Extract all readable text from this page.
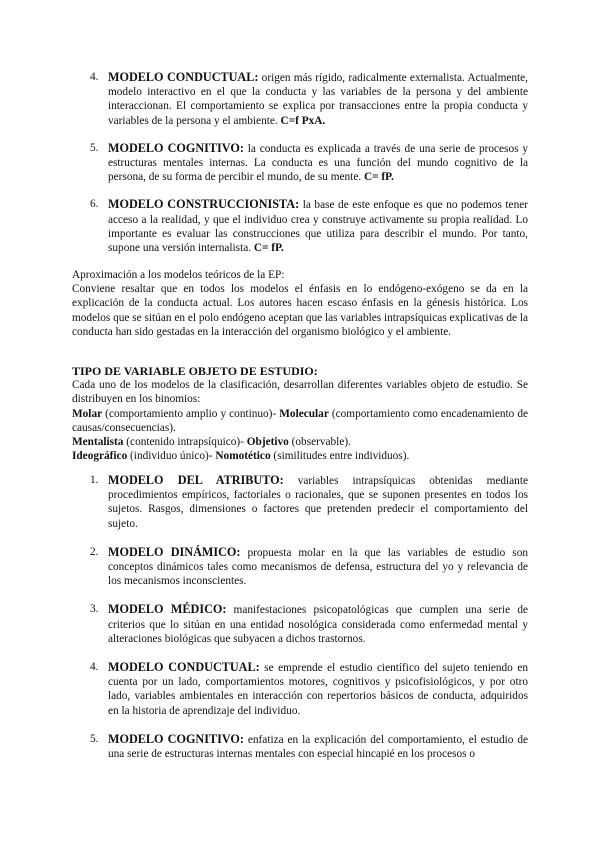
4. MODELO CONDUCTUAL: origen más rígido, radicalmente externalista. Actualmente, modelo interactivo en el que la conducta y las variables de la persona y del ambiente interaccionan. El comportamiento se explica por transacciones entre la propia conducta y variables de la persona y el ambiente. C=f PxA.
5. MODELO COGNITIVO: la conducta es explicada a través de una serie de procesos y estructuras mentales internas. La conducta es una función del mundo cognitivo de la persona, de su forma de percibir el mundo, de su mente. C= fP.
6. MODELO CONSTRUCCIONISTA: la base de este enfoque es que no podemos tener acceso a la realidad, y que el individuo crea y construye activamente su propia realidad. Lo importante es evaluar las construcciones que utiliza para describir el mundo. Por tanto, supone una versión internalista. C= fP.
Aproximación a los modelos teóricos de la EP:
Conviene resaltar que en todos los modelos el énfasis en lo endógeno-exógeno se da en la explicación de la conducta actual. Los autores hacen escaso énfasis en la génesis histórica. Los modelos que se sitúan en el polo endógeno aceptan que las variables intrapsíquicas explicativas de la conducta han sido gestadas en la interacción del organismo biológico y el ambiente.
TIPO DE VARIABLE OBJETO DE ESTUDIO:
Cada uno de los modelos de la clasificación, desarrollan diferentes variables objeto de estudio. Se distribuyen en los binomios:
Molar (comportamiento amplio y continuo)- Molecular (comportamiento como encadenamiento de causas/consecuencias).
Mentalista (contenido intrapsíquico)- Objetivo (observable).
Ideográfico (individuo único)- Nomotético (similitudes entre individuos).
1. MODELO DEL ATRIBUTO: variables intrapsíquicas obtenidas mediante procedimientos empíricos, factoriales o racionales, que se suponen presentes en todos los sujetos. Rasgos, dimensiones o factores que pretenden predecir el comportamiento del sujeto.
2. MODELO DINÁMICO: propuesta molar en la que las variables de estudio son conceptos dinámicos tales como mecanismos de defensa, estructura del yo y relevancia de los mecanismos inconscientes.
3. MODELO MÉDICO: manifestaciones psicopatológicas que cumplen una serie de criterios que lo sitúan en una entidad nosológica considerada como enfermedad mental y alteraciones biológicas que subyacen a dichos trastornos.
4. MODELO CONDUCTUAL: se emprende el estudio científico del sujeto teniendo en cuenta por un lado, comportamientos motores, cognitivos y psicofisiológicos, y por otro lado, variables ambientales en interacción con repertorios básicos de conducta, adquiridos en la historia de aprendizaje del individuo.
5. MODELO COGNITIVO: enfatiza en la explicación del comportamiento, el estudio de una serie de estructuras internas mentales con especial hincapié en los procesos o
